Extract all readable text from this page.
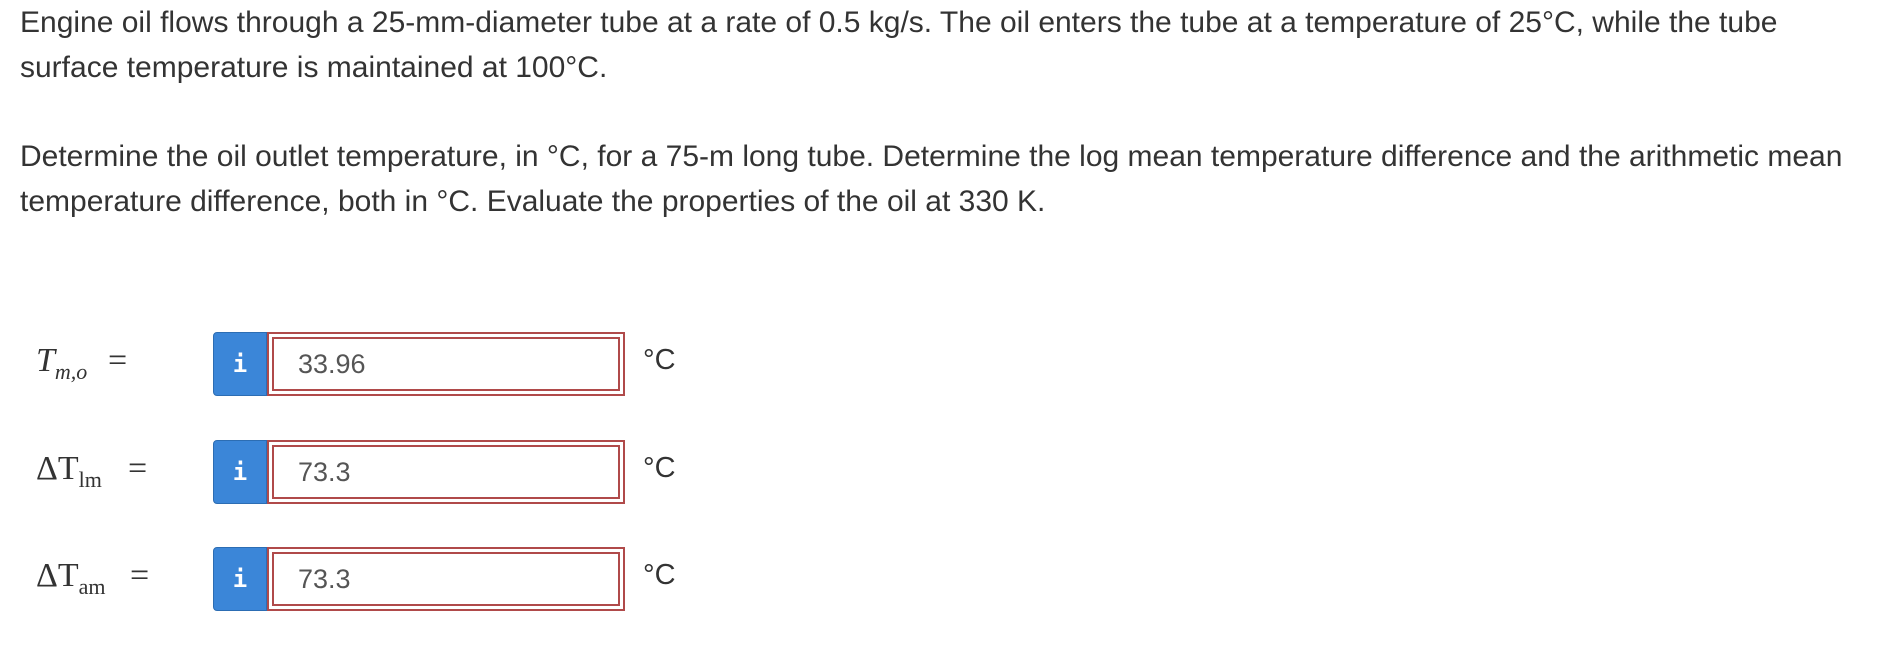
Engine oil flows through a 25-mm-diameter tube at a rate of 0.5 kg/s. The oil enters the tube at a temperature of 25°C, while the tube surface temperature is maintained at 100°C.

Determine the oil outlet temperature, in °C, for a 75-m long tube. Determine the log mean temperature difference and the arithmetic mean temperature difference, both in °C. Evaluate the properties of the oil at 330 K.

$T_{m,o}$ =	i	33.96	°C
$\Delta T_{lm}$ =	i	73.3	°C
$\Delta T_{am}$ =	i	73.3	°C
